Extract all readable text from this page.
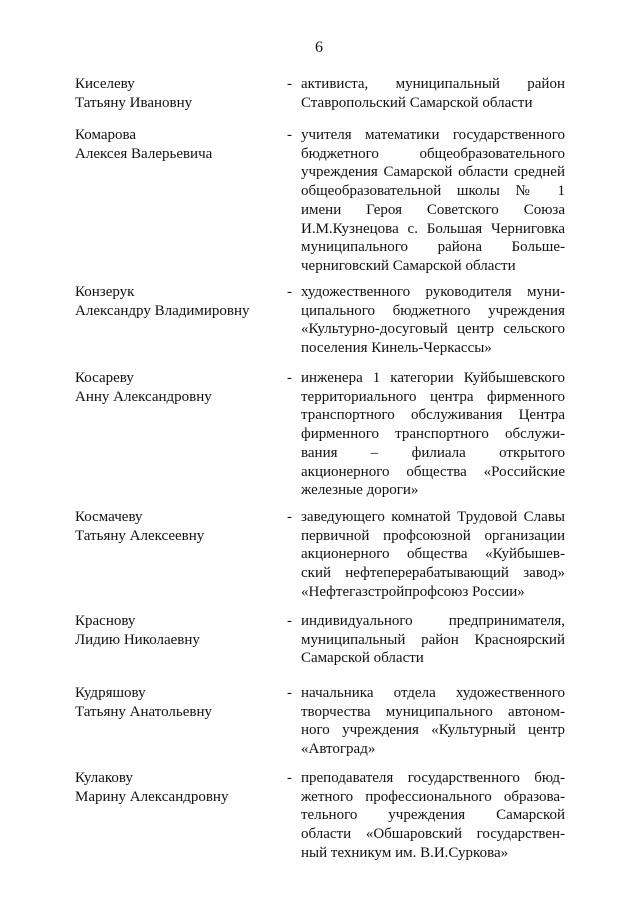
6
Киселеву
Татьяну Ивановну
- активиста, муниципальный район
Ставропольский Самарской области
Комарова
Алексея Валерьевича
- учителя математики государственного
бюджетного общеобразовательного
учреждения Самарской области средней
общеобразовательной школы № 1
имени Героя Советского Союза
И.М.Кузнецова с. Большая Черниговка
муниципального района Больше-
черниговский Самарской области
Конзерук
Александру Владимировну
- художественного руководителя муни-
ципального бюджетного учреждения
«Культурно-досуговый центр сельского
поселения Кинель-Черкассы»
Косареву
Анну Александровну
- инженера 1 категории Куйбышевского
территориального центра фирменного
транспортного обслуживания Центра
фирменного транспортного обслужи-
вания – филиала открытого
акционерного общества «Российские
железные дороги»
Космачеву
Татьяну Алексеевну
- заведующего комнатой Трудовой Славы
первичной профсоюзной организации
акционерного общества «Куйбышев-
ский нефтеперерабатывающий завод»
«Нефтегазстройпрофсоюз России»
Краснову
Лидию Николаевну
- индивидуального предпринимателя,
муниципальный район Красноярский
Самарской области
Кудряшову
Татьяну Анатольевну
- начальника отдела художественного
творчества муниципального автоном-
ного учреждения «Культурный центр
«Автоград»
Кулакову
Марину Александровну
- преподавателя государственного бюд-
жетного профессионального образова-
тельного учреждения Самарской
области «Обшаровский государствен-
ный техникум им. В.И.Суркова»
